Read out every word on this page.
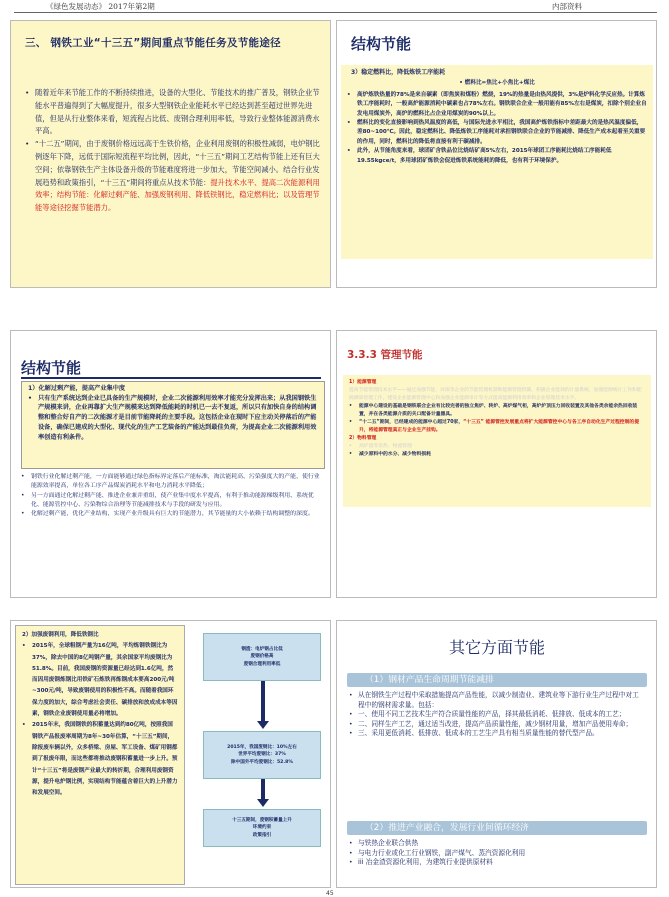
《绿色发展动态》 2017年第2期	内部资料
三、 钢铁工业“十三五”期间重点节能任务及节能途径
• 随着近年来节能工作的不断持续推进，设备的大型化、节能技术的推广普及，钢铁企业节能水平普遍得到了大幅度提升，很多大型钢铁企业能耗水平已经达到甚至超过世界先进值，但是从行业整体来看，短流程占比低、废钢合理利用率低，导致行业整体能源消费水平高。
• “十二五”期间，由于废钢价格远远高于生铁价格，企业利用废钢的积极性减弱，电炉钢比例逐年下降，远低于国际短流程平均比例，因此，“十三五”期间工艺结构节能上还有巨大空间；依靠钢铁生产主体设备升级的节能难度将进一步加大，节能空间减小。结合行业发展趋势和政策指引，“十三五”期间将重点从技术节能：提升技术水平、提高二次能源利用效率；结构节能：化解过剩产能、加强废钢利用、降低铁钢比，稳定燃料比；以及管理节能等途径挖掘节能潜力。
结构节能
3）稳定燃料比，降低炼铁工序能耗
• 燃料比=焦比+小焦比+煤比
• 高炉炼铁热量的78%是来自碳素（即焦炭和煤粉）燃烧，19%的热量是由热风提供，3%是炉料化学反应热。计算炼铁工序能耗时，一般高炉能源消耗中碳素也占78%左右。钢铁联合企业一般用能有85%左右是煤炭，扣除个别企业自发电用煤炭外，高炉的燃料比占企业用煤炭的90%以上。
• 燃料比的变化直接影响到热风温度的高低，与国际先进水平相比，我国高炉炼铁指标中差距最大的是热风温度偏低，差80~100℃。因此，稳定燃料比、降低炼铁工序能耗对承担钢铁联合企业的节能减排、降低生产成本起着至关重要的作用，同时，燃料比的降低将直接有利于碳减排。
• 此外，从节能角度来看，球团矿含铁品位比烧结矿高5%左右，2015年球团工序能耗比烧结工序能耗低19.55kgce/t，多用球团矿炼铁会促进炼铁系统能耗的降低，也有利于环境保护。
结构节能
1）化解过剩产能，提高产业集中度
• 只有生产系统达到企业已具备的生产规模时，企业二次能源利用效率才能充分发挥出来；从我国钢铁生产规模来讲，企业再靠扩大生产规模来达到降低能耗的时机已一去不复返，所以只有加快自身的结构调整和整合好自产的二次能源才是目前节能降耗的主要手段。这包括企业在现时下应主动关停落后的产能设备，确保已建成的大型化、现代化的生产工艺装备的产能达到最佳负荷，为提高企业二次能源利用效率创造有利条件。
• 钢铁行业化解过剩产能，一方面能够通过绿色指标界定落后产能标准，淘汰能耗高、污染强度大的产能，使行业能源效率提高，单位各工序产品煤炭消耗水平和电力消耗水平降低；
• 另一方面通过化解过剩产能、推进企业兼并重组，使产业集中度水平提高，有利于推动能源梯级利用、系统优化、能源管控中心、污染物综合治理等节能减排技术与手段的研发与应用。
• 化解过剩产能，优化产业结构，实现产业升级具有巨大的节能潜力，其节能量的大小依赖于结构调整的深度。
3.3.3 管理节能
1）能源管理
提高节能管理技术水平——通过加强节能、环保等企业的节能管理机制和能源管理机制，积极企业能效的计量系统，加强能源统计工作和能源测算管理工作，建设企业能源管理中心和加强企业能源审计等方式提高能源利用效率和企业管理技术水平。
• 能源中心建设的基础是钢铁联合企业有比较完善的独立焦炉、转炉、高炉煤气柜，高炉炉顶压力回收装置及其他各类余能余热回收装置，并在各类能源介质的关口配备计量器具。
• “十二五”期间，已经建成的能源中心超过70家，“十三五” 能源管控发展重点将扩大能源管控中心与各工序自动化生产过程控制的提升，将能源管理真正与企业生产挂钩。
2）物料管理
• 高炉渣等余热、物流管理
• 减少原料中的水分、减少物料损耗
2）加强废钢利用，降低铁钢比
• 2015年，全球粗钢产量为16亿吨，平均炼钢铁钢比为37%，除去中国的8亿吨钢产量，其余国家平均废钢比为51.8%。目前，我国废钢的资源量已经达到1.6亿吨，然而因用废钢炼钢比用铁矿石炼铁再炼钢成本要高200元/吨~300元/吨，导致废钢使用的积极性不高。而随着我国环保力度的加大，综合考虑社会责任、碳排放和放成成本等因素，钢铁企业废钢使用量必将增加。
• 2015年末，我国钢铁的积蓄量达到约80亿吨，按照我国钢铁产品报废率周期为8年~30年估算，“十三五”期间，除报废车辆以外，众多桥梁、房屋、军工设备、煤矿用钢都到了报废年限，而这些都将推动废钢积蓄量进一步上升。预计“十三五”将是废钢产业最大的转折期，合理利用废钢资源，提升电炉钢比例，实现结构节能蕴含着巨大的上升潜力和发展空间。
钢渣：电炉钢占比低
废钢价格高
废钢合理利用率低
2015年，我国废钢比：10%左右
世界平均废钢比：37%
除中国外平均废钢比：52.8%
十三五期间，废钢积蓄量上升
环境约束
政策指引
其它方面节能
（1）钢材产品生命周期节能减排
• 从在钢铁生产过程中采取措施提高产品性能，以减少制造业、建筑业等下游行业生产过程中对工程中的钢材需求量。包括：
• 一、使用不同工艺技术生产符合质量性能的产品，择其最低消耗、低排放、低成本的工艺；
• 二、同样生产工艺，通过适当改进，提高产品质量性能，减少钢材用量，增加产品使用寿命；
• 三、采用更低消耗、低排放、低成本的工艺生产具有相当质量性能的替代型产品。
（2）推进产业融合，发展行业间循环经济
• 与铁热企业联合供热
• 与电力行业或化工行业钢铁，副产煤气、蒸汽资源化利用
• iii 冶金渣资源化利用，为建筑行业提供原材料
45
